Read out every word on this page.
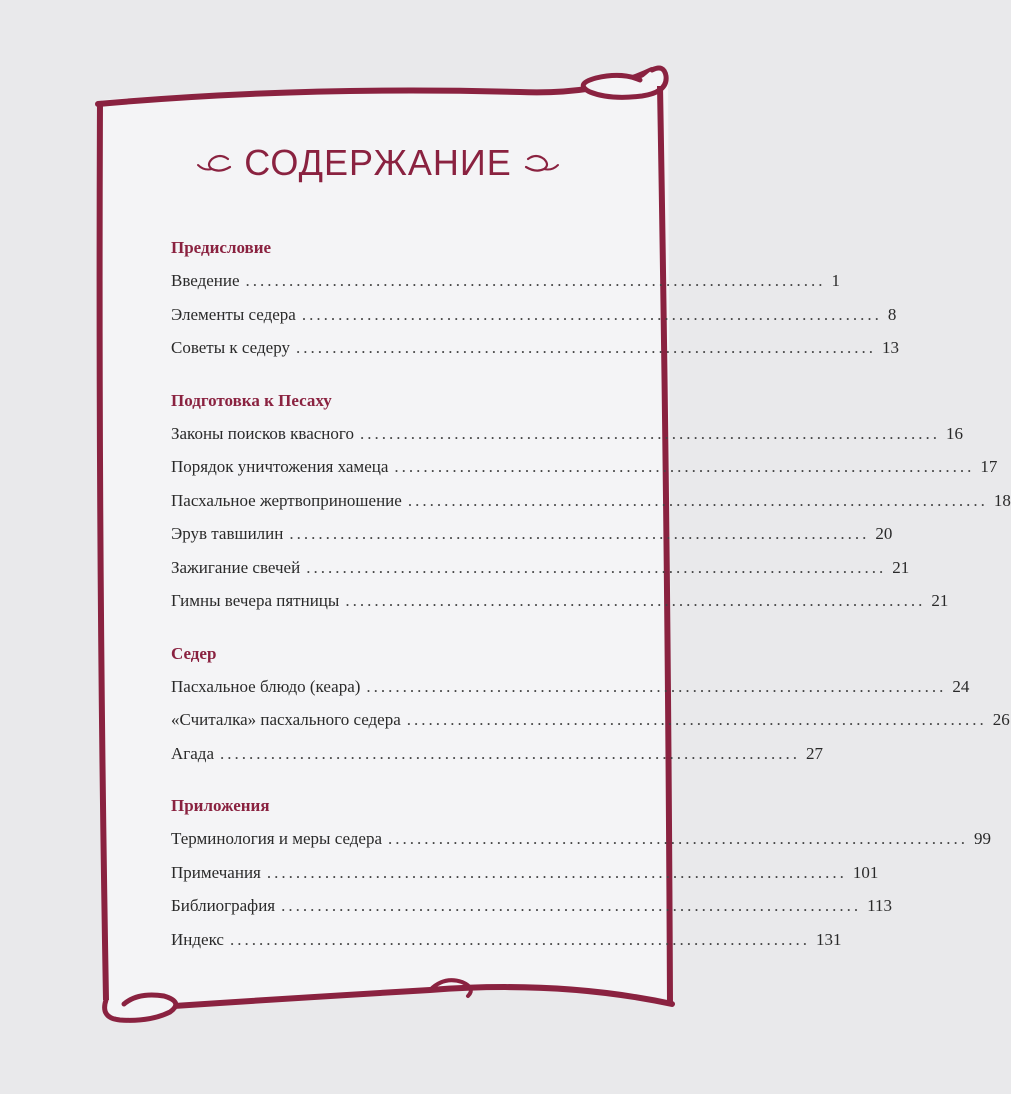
СОДЕРЖАНИЕ
Предисловие
Введение ................................................................................ 1
Элементы седера ................................................................................ 8
Советы к седеру ................................................................................ 13
Подготовка к Песаху
Законы поисков квасного ................................................................................ 16
Порядок уничтожения хамеца ................................................................................ 17
Пасхальное жертвоприношение ................................................................................ 18
Эрув тавшилин ................................................................................ 20
Зажигание свечей ................................................................................ 21
Гимны вечера пятницы ................................................................................ 21
Седер
Пасхальное блюдо (кеара) ................................................................................ 24
«Считалка» пасхального седера ................................................................................ 26
Агада ................................................................................ 27
Приложения
Терминология и меры седера ................................................................................ 99
Примечания ................................................................................ 101
Библиография ................................................................................ 113
Индекс ................................................................................ 131
